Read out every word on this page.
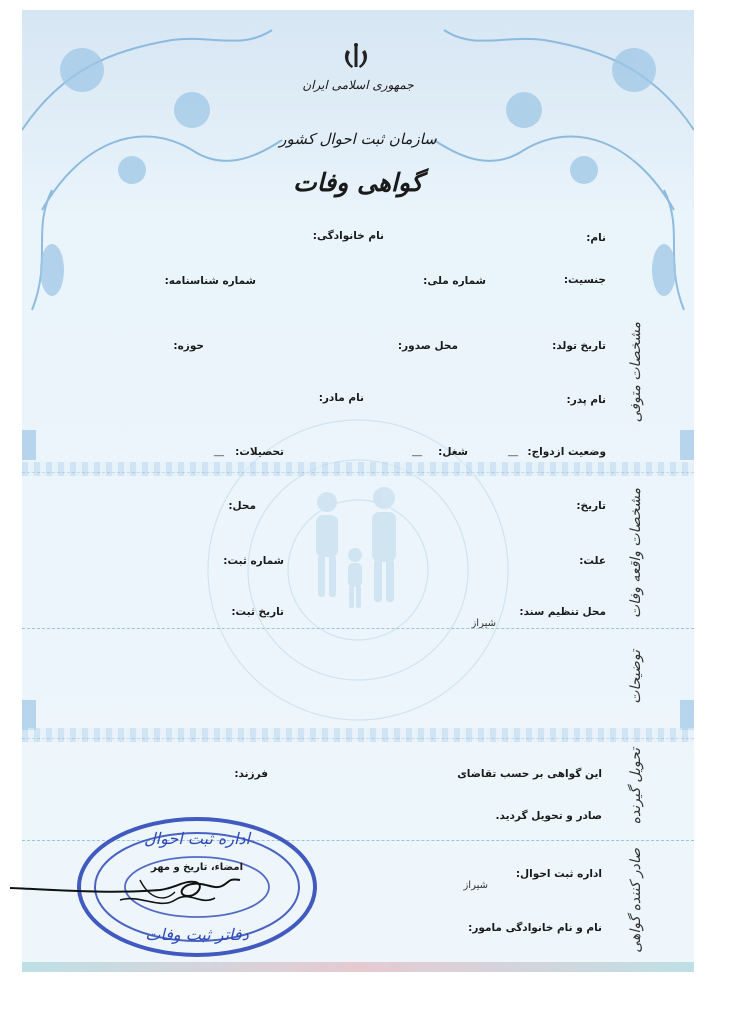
جمهوری اسلامی ایران
سازمان ثبت احوال کشور
گواهی وفات
نام:
نام خانوادگی:
جنسیت:
شماره ملی:
شماره شناسنامه:
تاریخ تولد:
محل صدور:
حوزه:
نام پدر:
نام مادر:
وضعیت ازدواج:
__
شغل:
__
تحصیلات:
__
مشخصات متوفی
تاریخ:
محل:
علت:
شماره ثبت:
محل تنظیم سند:
شیراز
تاریخ ثبت:	مشخصات واقعه وفات
توضیحات
این گواهی بر حسب تقاضای
فرزند:
صادر و تحویل گردید. تحویل گیرنده
اداره ثبت احوال:
شیراز
نام و نام خانوادگی مامور: صادر کننده گواهی
اداره ثبت احوال
دفاتر ثبت وفات
امضاء، تاریخ و مهر
